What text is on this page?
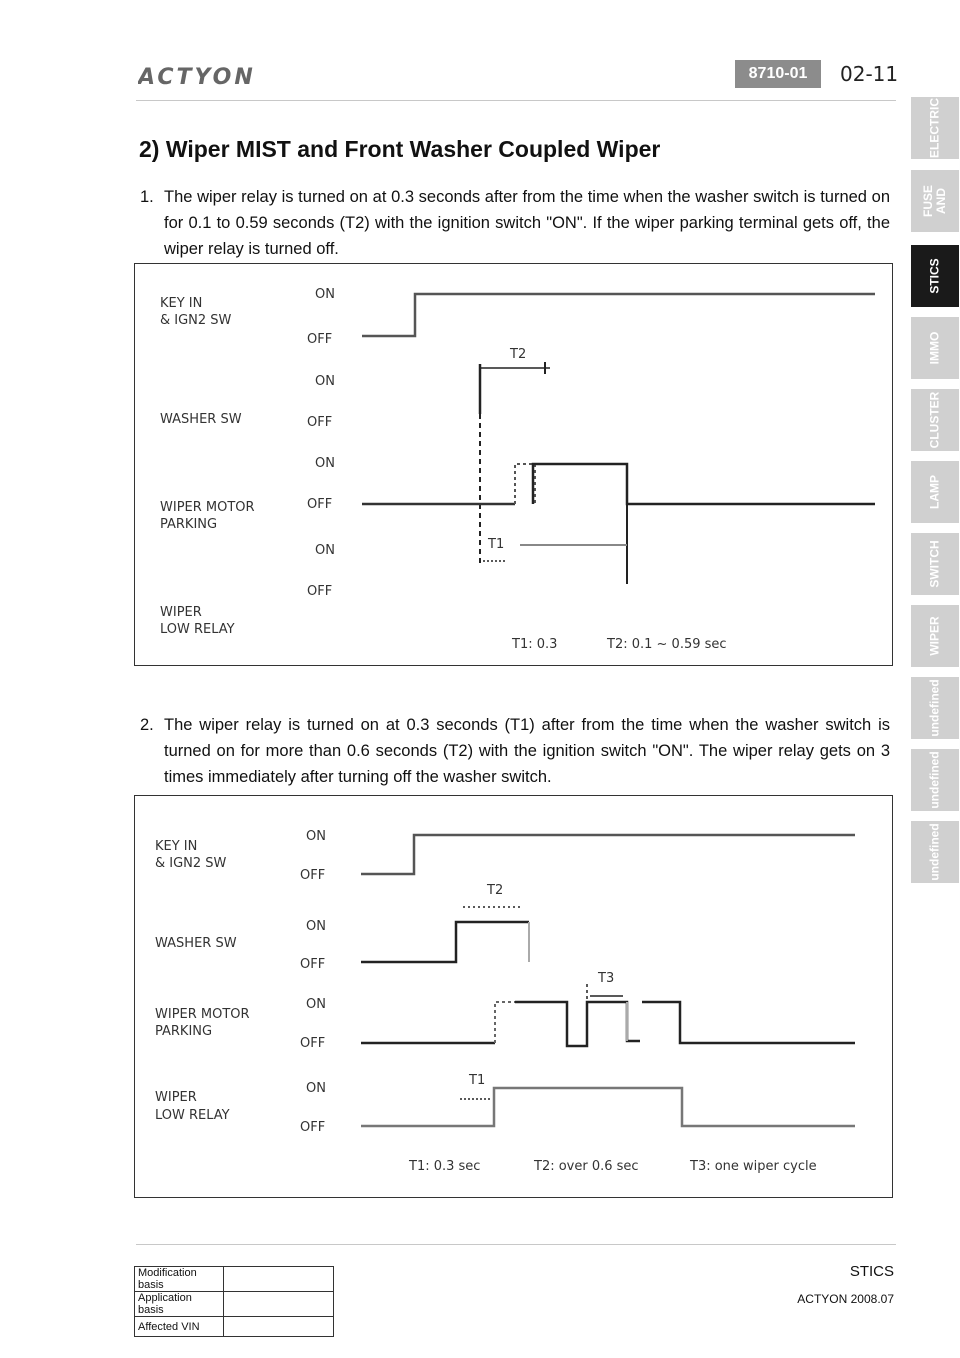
ACTYON	8710-01	02-11
2) Wiper MIST and Front Washer Coupled Wiper
1. The wiper relay is turned on at 0.3 seconds after from the time when the washer switch is turned on for 0.1 to 0.59 seconds (T2) with the ignition switch "ON". If the wiper parking terminal gets off, the wiper relay is turned off.
KEY IN
& IGN2 SW
WASHER SW
WIPER MOTOR
PARKING
WIPER
LOW RELAY
ON
OFF
ON
OFF
ON
OFF
ON
OFF
T2
T1
T1: 0.3	T2: 0.1 ~ 0.59 sec
2. The wiper relay is turned on at 0.3 seconds (T1) after from the time when the washer switch is turned on for more than 0.6 seconds (T2) with the ignition switch "ON". The wiper relay gets on 3 times immediately after turning off the washer switch.
KEY IN
& IGN2 SW
WASHER SW
WIPER MOTOR
PARKING
WIPER
LOW RELAY
ON
OFF
ON
OFF
ON
OFF
ON
OFF
T2
T3
T1
T1: 0.3 sec	T2: over 0.6 sec	T3: one wiper cycle
ELECTRIC
FUSE AND
STICS
IMMO
CLUSTER
LAMP
SWITCH
WIPER
undefined
undefined
undefined
Modification basis	
Application basis	
Affected VIN	
STICS
ACTYON 2008.07
